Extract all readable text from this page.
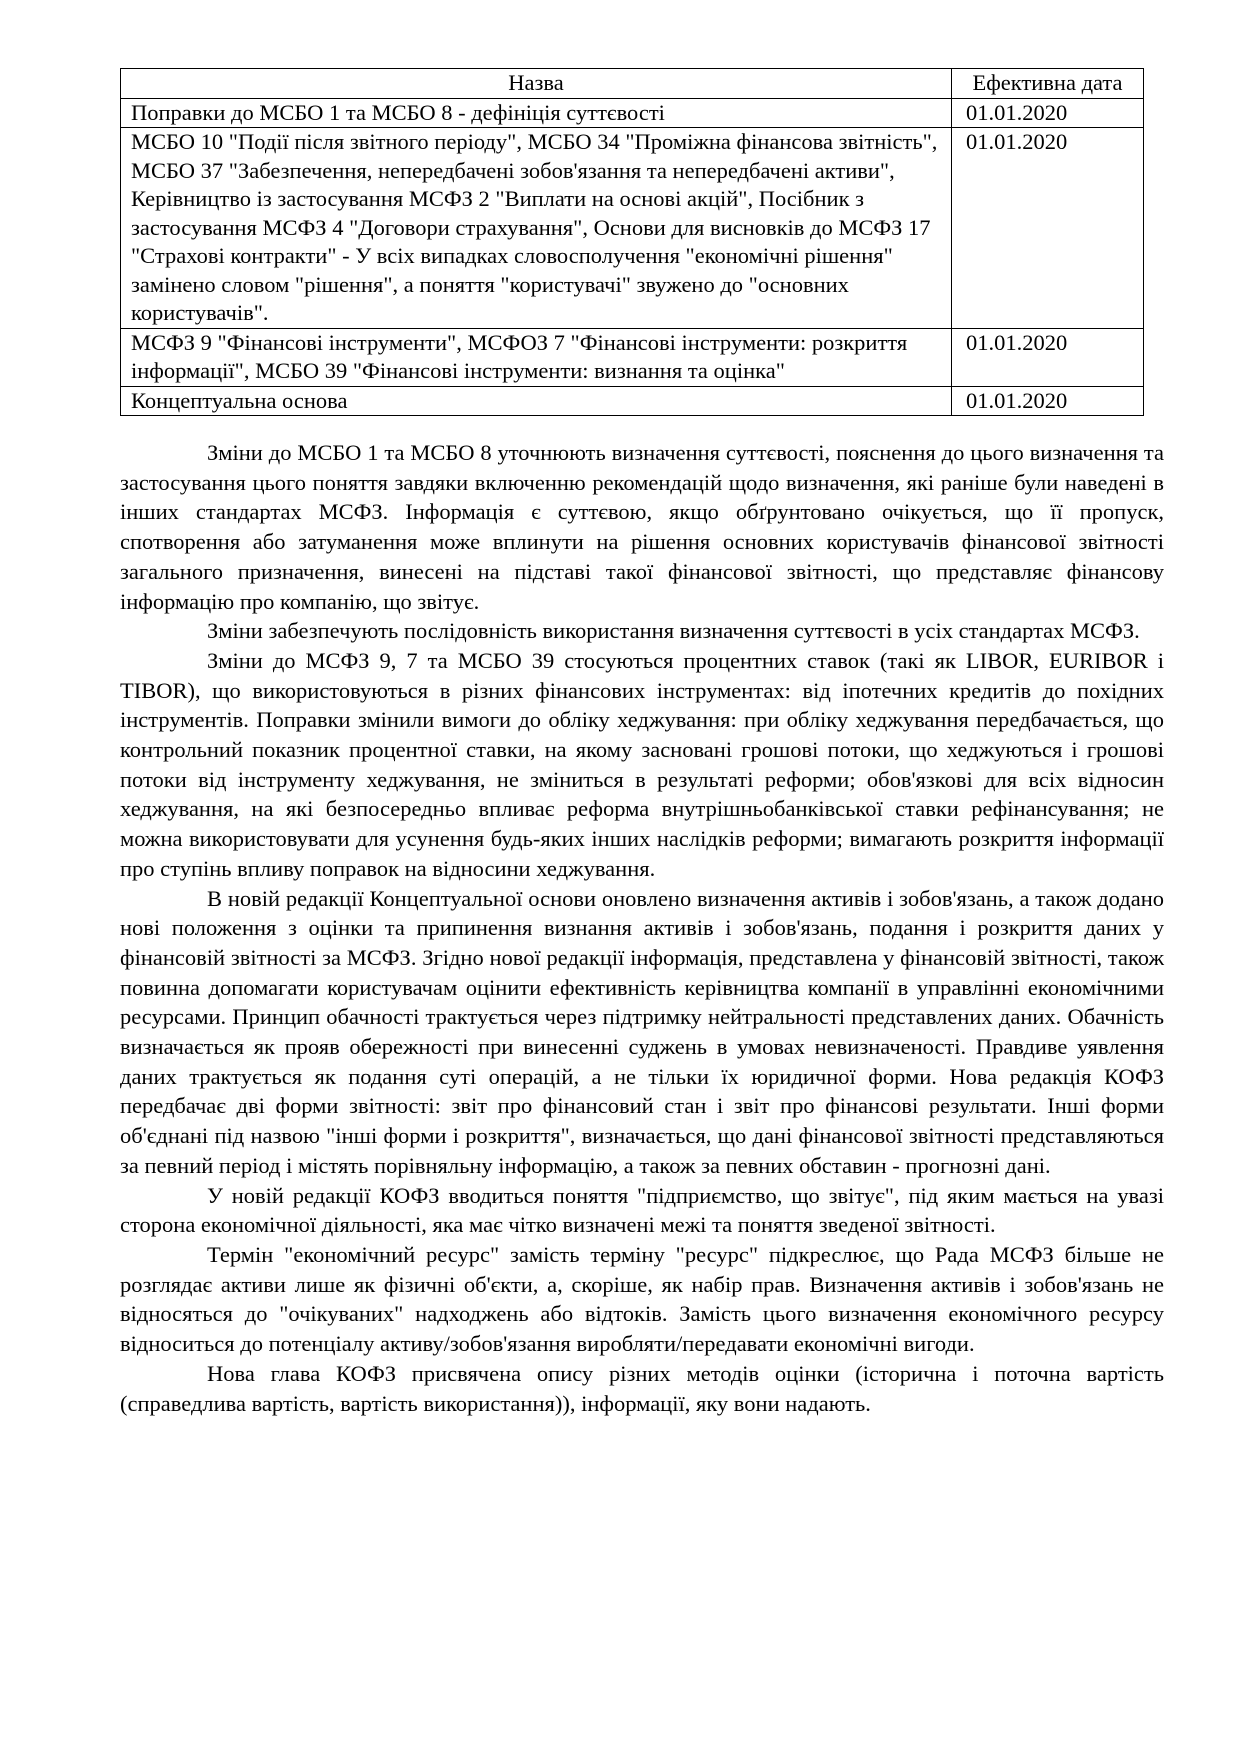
Назва	Ефективна дата
Поправки до МСБО 1 та МСБО 8 - дефініція суттєвості	01.01.2020
МСБО 10 "Події після звітного періоду", МСБО 34 "Проміжна фінансова звітність", МСБО 37 "Забезпечення, непередбачені зобов'язання та непередбачені активи", Керівництво із застосування МСФЗ 2 "Виплати на основі акцій", Посібник з застосування МСФЗ 4 "Договори страхування", Основи для висновків до МСФЗ 17 "Страхові контракти" - У всіх випадках словосполучення "економічні рішення" замінено словом "рішення", а поняття "користувачі" звужено до "основних користувачів".	01.01.2020
МСФЗ 9 "Фінансові інструменти", МСФОЗ 7 "Фінансові інструменти: розкриття інформації", МСБО 39 "Фінансові інструменти: визнання та оцінка"	01.01.2020
Концептуальна основа	01.01.2020

Зміни до МСБО 1 та МСБО 8 уточнюють визначення суттєвості, пояснення до цього визначення та застосування цього поняття завдяки включенню рекомендацій щодо визначення, які раніше були наведені в інших стандартах МСФЗ. Інформація є суттєвою, якщо обґрунтовано очікується, що її пропуск, спотворення або затуманення може вплинути на рішення основних користувачів фінансової звітності загального призначення, винесені на підставі такої фінансової звітності, що представляє фінансову інформацію про компанію, що звітує.

Зміни забезпечують послідовність використання визначення суттєвості в усіх стандартах МСФЗ.

Зміни до МСФЗ 9, 7 та МСБО 39 стосуються процентних ставок (такі як LIBOR, EURIBOR і TIBOR), що використовуються в різних фінансових інструментах: від іпотечних кредитів до похідних інструментів. Поправки змінили вимоги до обліку хеджування: при обліку хеджування передбачається, що контрольний показник процентної ставки, на якому засновані грошові потоки, що хеджуються і грошові потоки від інструменту хеджування, не зміниться в результаті реформи; обов'язкові для всіх відносин хеджування, на які безпосередньо впливає реформа внутрішньобанківської ставки рефінансування; не можна використовувати для усунення будь-яких інших наслідків реформи; вимагають розкриття інформації про ступінь впливу поправок на відносини хеджування.

В новій редакції Концептуальної основи оновлено визначення активів і зобов'язань, а також додано нові положення з оцінки та припинення визнання активів і зобов'язань, подання і розкриття даних у фінансовій звітності за МСФЗ. Згідно нової редакції інформація, представлена у фінансовій звітності, також повинна допомагати користувачам оцінити ефективність керівництва компанії в управлінні економічними ресурсами. Принцип обачності трактується через підтримку нейтральності представлених даних. Обачність визначається як прояв обережності при винесенні суджень в умовах невизначеності. Правдиве уявлення даних трактується як подання суті операцій, а не тільки їх юридичної форми. Нова редакція КОФЗ передбачає дві форми звітності: звіт про фінансовий стан і звіт про фінансові результати. Інші форми об'єднані під назвою "інші форми і розкриття", визначається, що дані фінансової звітності представляються за певний період і містять порівняльну інформацію, а також за певних обставин - прогнозні дані.

У новій редакції КОФЗ вводиться поняття "підприємство, що звітує", під яким мається на увазі сторона економічної діяльності, яка має чітко визначені межі та поняття зведеної звітності.

Термін "економічний ресурс" замість терміну "ресурс" підкреслює, що Рада МСФЗ більше не розглядає активи лише як фізичні об'єкти, а, скоріше, як набір прав. Визначення активів і зобов'язань не відносяться до "очікуваних" надходжень або відтоків. Замість цього визначення економічного ресурсу відноситься до потенціалу активу/зобов'язання виробляти/передавати економічні вигоди.

Нова глава КОФЗ присвячена опису різних методів оцінки (історична і поточна вартість (справедлива вартість, вартість використання)), інформації, яку вони надають.
